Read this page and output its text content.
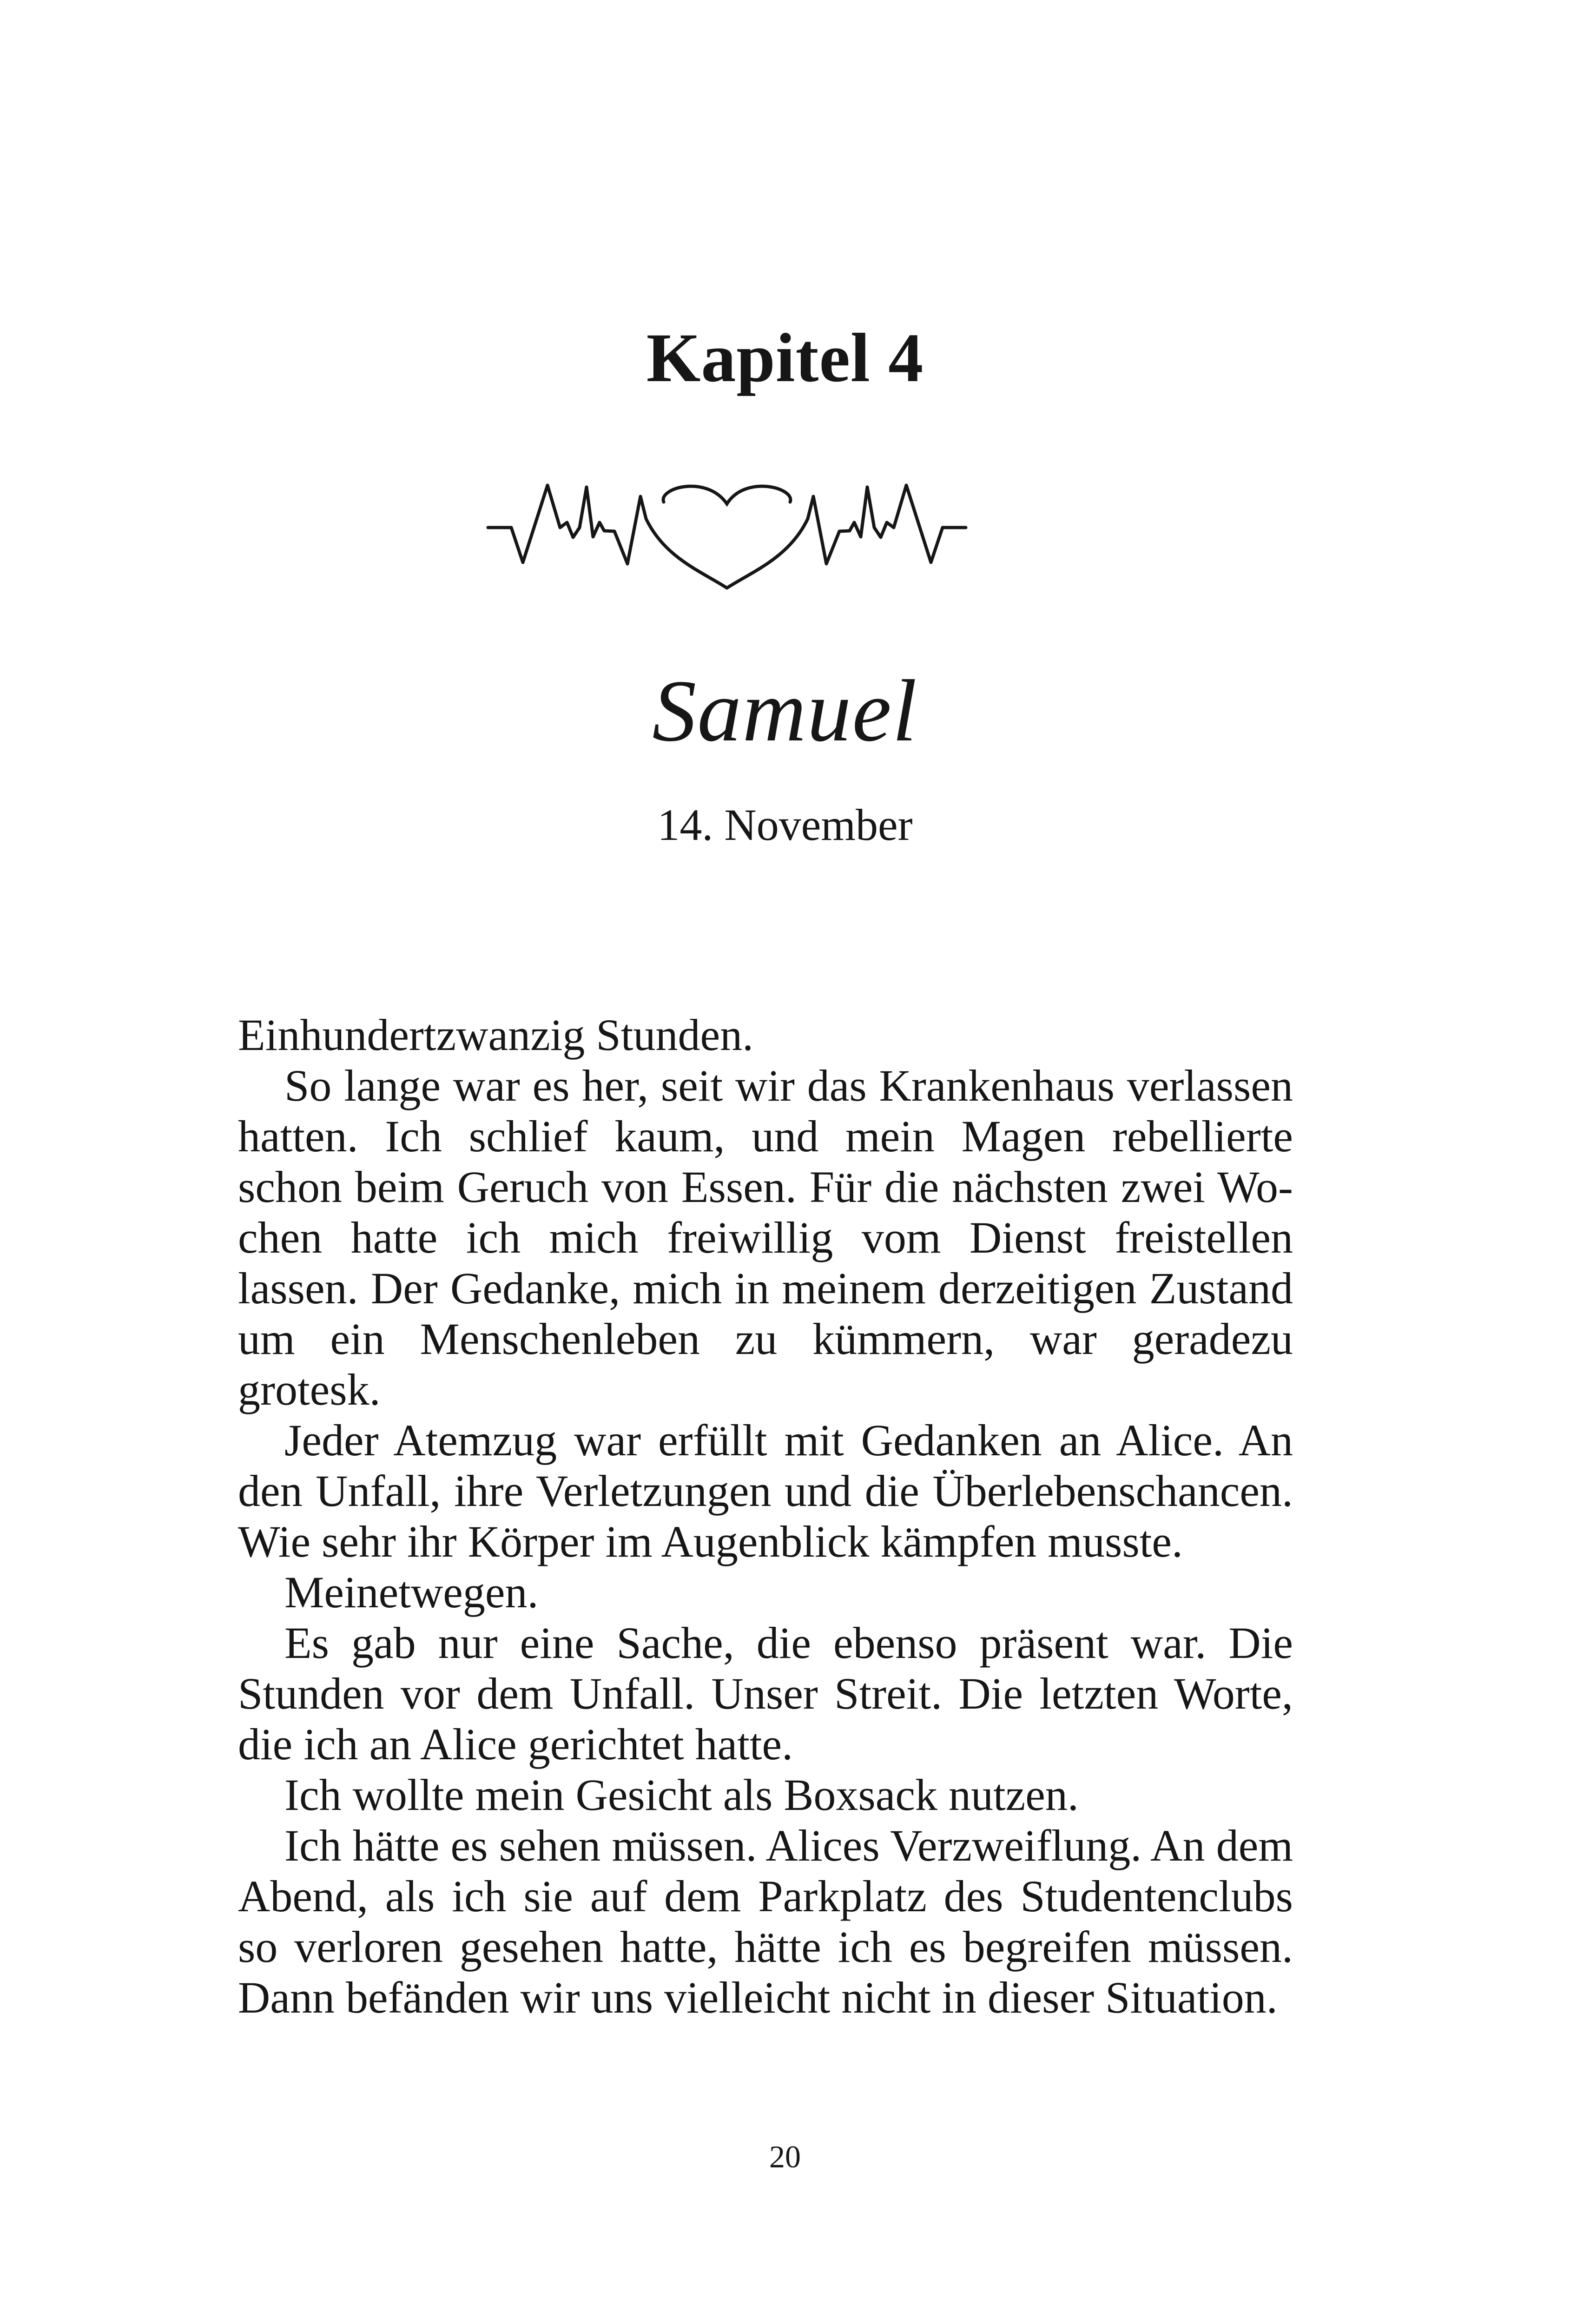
Kapitel 4
Samuel
14. November

Einhundertzwanzig Stunden.

So lange war es her, seit wir das Krankenhaus verlassen hatten. Ich schlief kaum, und mein Magen rebellierte schon beim Geruch von Essen. Für die nächsten zwei Wochen hatte ich mich freiwillig vom Dienst freistellen lassen. Der Gedanke, mich in meinem derzeitigen Zustand um ein Menschenleben zu kümmern, war geradezu grotesk.

Jeder Atemzug war erfüllt mit Gedanken an Alice. An den Unfall, ihre Verletzungen und die Überlebenschancen. Wie sehr ihr Körper im Augenblick kämpfen musste.

Meinetwegen.

Es gab nur eine Sache, die ebenso präsent war. Die Stunden vor dem Unfall. Unser Streit. Die letzten Worte, die ich an Alice gerichtet hatte.

Ich wollte mein Gesicht als Boxsack nutzen.

Ich hätte es sehen müssen. Alices Verzweiflung. An dem Abend, als ich sie auf dem Parkplatz des Studentenclubs so verloren gesehen hatte, hätte ich es begreifen müssen. Dann befänden wir uns vielleicht nicht in dieser Situation.

20
